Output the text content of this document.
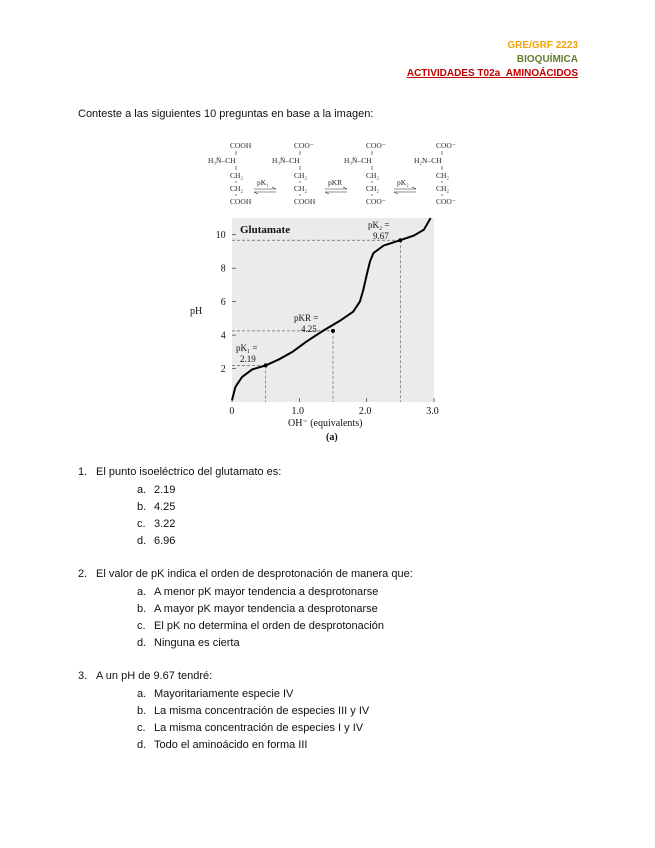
GRE/GRF 2223
BIOQUÍMICA
ACTIVIDADES T02a_AMINOÁCIDOS
Conteste a las siguientes 10 preguntas en base a la imagen:
COOH
H₃N̈–CH
CH₂
CH₂
COOH
COO⁻
H₃N̈–CH
CH₂
CH₂
COOH
COO⁻
H₃N̈–CH
CH₂
CH₂
COO⁻
COO⁻
H₂N–CH
CH₂
CH₂
COO⁻
pK₁	pKR	pK₂
0	1.0	2.0	3.0
2
4
6
8
10 Glutamate
pH
OH⁻ (equivalents)
(a)
pK₁ =
2.19
pKR =
4.25
pK₂ =
9.67
1. El punto isoeléctrico del glutamato es:
a. 2.19
b. 4.25
c. 3.22
d. 6.96
2. El valor de pK indica el orden de desprotonación de manera que:
a. A menor pK mayor tendencia a desprotonarse
b. A mayor pK mayor tendencia a desprotonarse
c. El pK no determina el orden de desprotonación
d. Ninguna es cierta
3. A un pH de 9.67 tendré:
a. Mayoritariamente especie IV
b. La misma concentración de especies III y IV
c. La misma concentración de especies I y IV
d. Todo el aminoácido en forma III
